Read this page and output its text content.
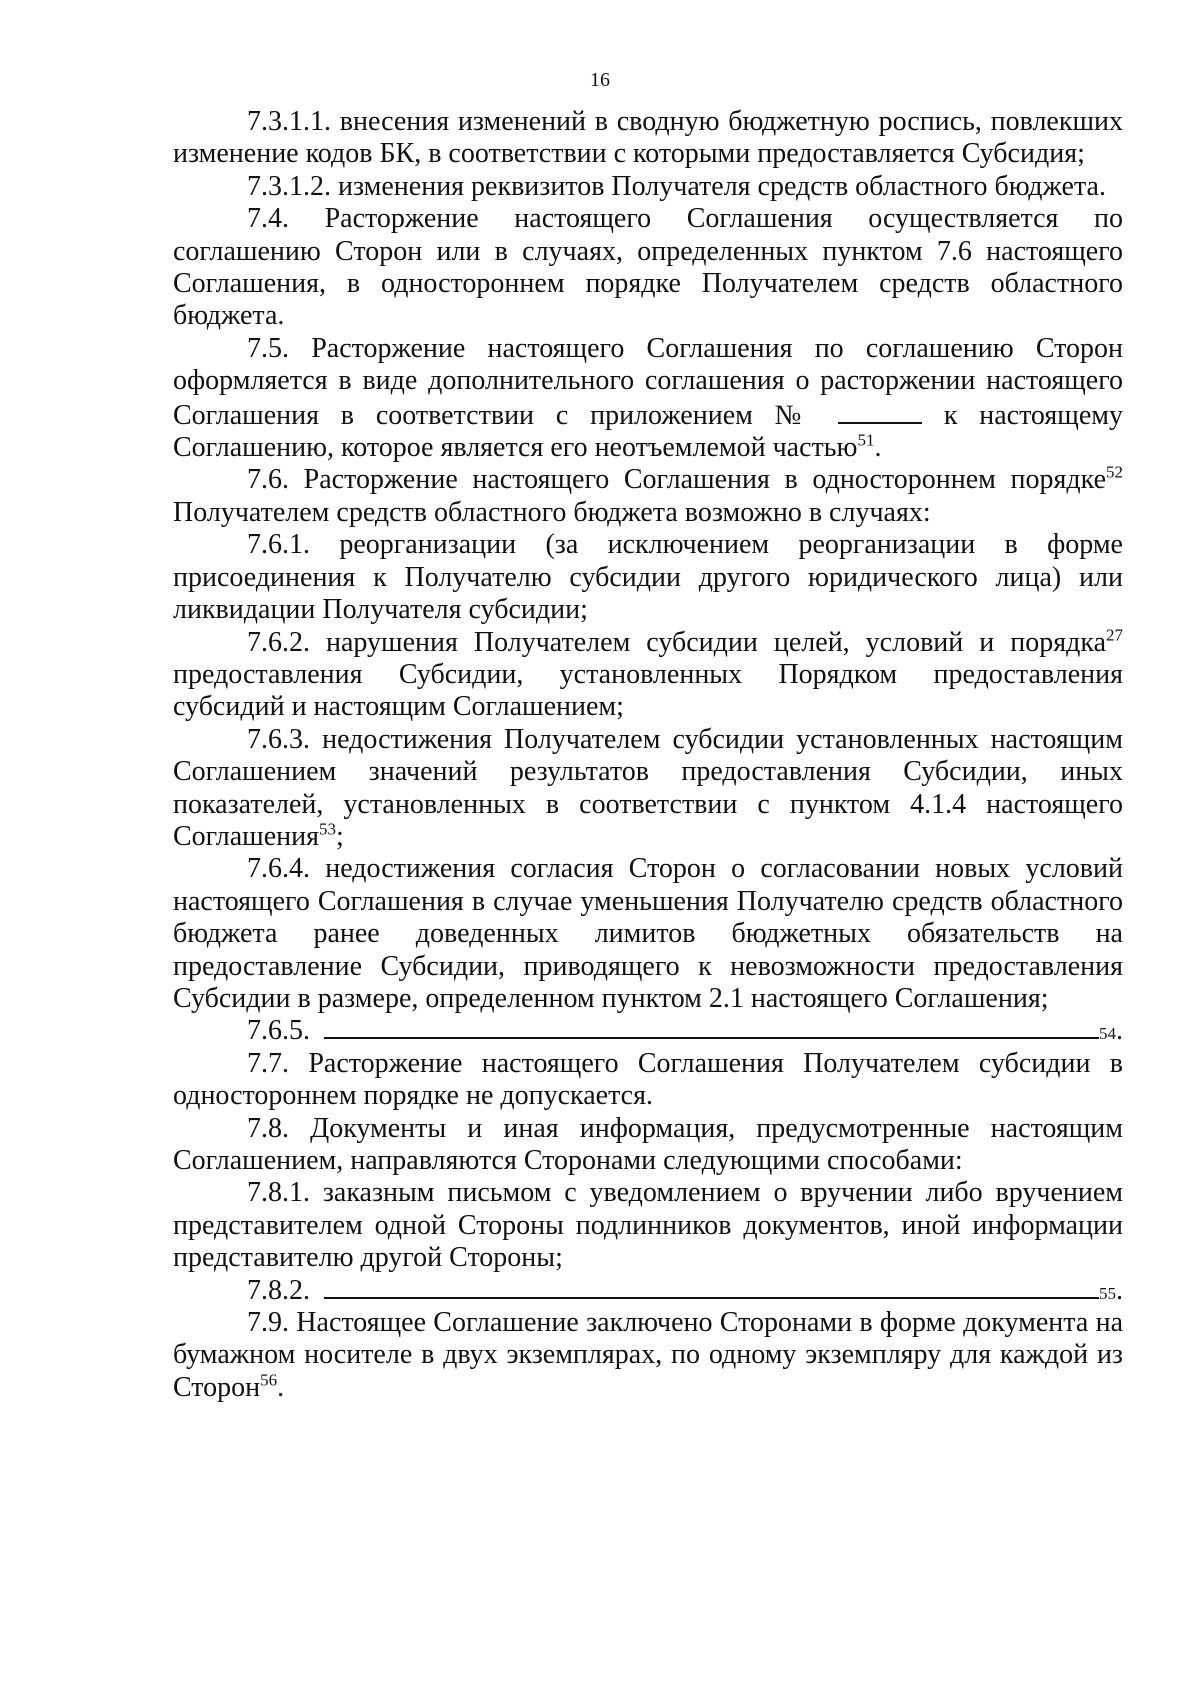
16

7.3.1.1. внесения изменений в сводную бюджетную роспись, повлекших изменение кодов БК, в соответствии с которыми предоставляется Субсидия;

7.3.1.2. изменения реквизитов Получателя средств областного бюджета.

7.4. Расторжение настоящего Соглашения осуществляется по соглашению Сторон или в случаях, определенных пунктом 7.6 настоящего Соглашения, в одностороннем порядке Получателем средств областного бюджета.

7.5. Расторжение настоящего Соглашения по соглашению Сторон оформляется в виде дополнительного соглашения о расторжении настоящего Соглашения в соответствии с приложением №	к настоящему Соглашению, которое является его неотъемлемой частью$^{51}$.

7.6. Расторжение настоящего Соглашения в одностороннем порядке$^{52}$ Получателем средств областного бюджета возможно в случаях:

7.6.1. реорганизации (за исключением реорганизации в форме присоединения к Получателю субсидии другого юридического лица) или ликвидации Получателя субсидии;

7.6.2. нарушения Получателем субсидии целей, условий и порядка$^{27}$ предоставления Субсидии, установленных Порядком предоставления субсидий и настоящим Соглашением;

7.6.3. недостижения Получателем субсидии установленных настоящим Соглашением значений результатов предоставления Субсидии, иных показателей, установленных в соответствии с пунктом 4.1.4 настоящего Соглашения$^{53}$;

7.6.4. недостижения согласия Сторон о согласовании новых условий настоящего Соглашения в случае уменьшения Получателю средств областного бюджета ранее доведенных лимитов бюджетных обязательств на предоставление Субсидии, приводящего к невозможности предоставления Субсидии в размере, определенном пунктом 2.1 настоящего Соглашения;

7.6.5.	54 .

7.7. Расторжение настоящего Соглашения Получателем субсидии в одностороннем порядке не допускается.

7.8. Документы и иная информация, предусмотренные настоящим Соглашением, направляются Сторонами следующими способами:

7.8.1. заказным письмом с уведомлением о вручении либо вручением представителем одной Стороны подлинников документов, иной информации представителю другой Стороны;

7.8.2.	55 .

7.9. Настоящее Соглашение заключено Сторонами в форме документа на бумажном носителе в двух экземплярах, по одному экземпляру для каждой из Сторон$^{56}$.
